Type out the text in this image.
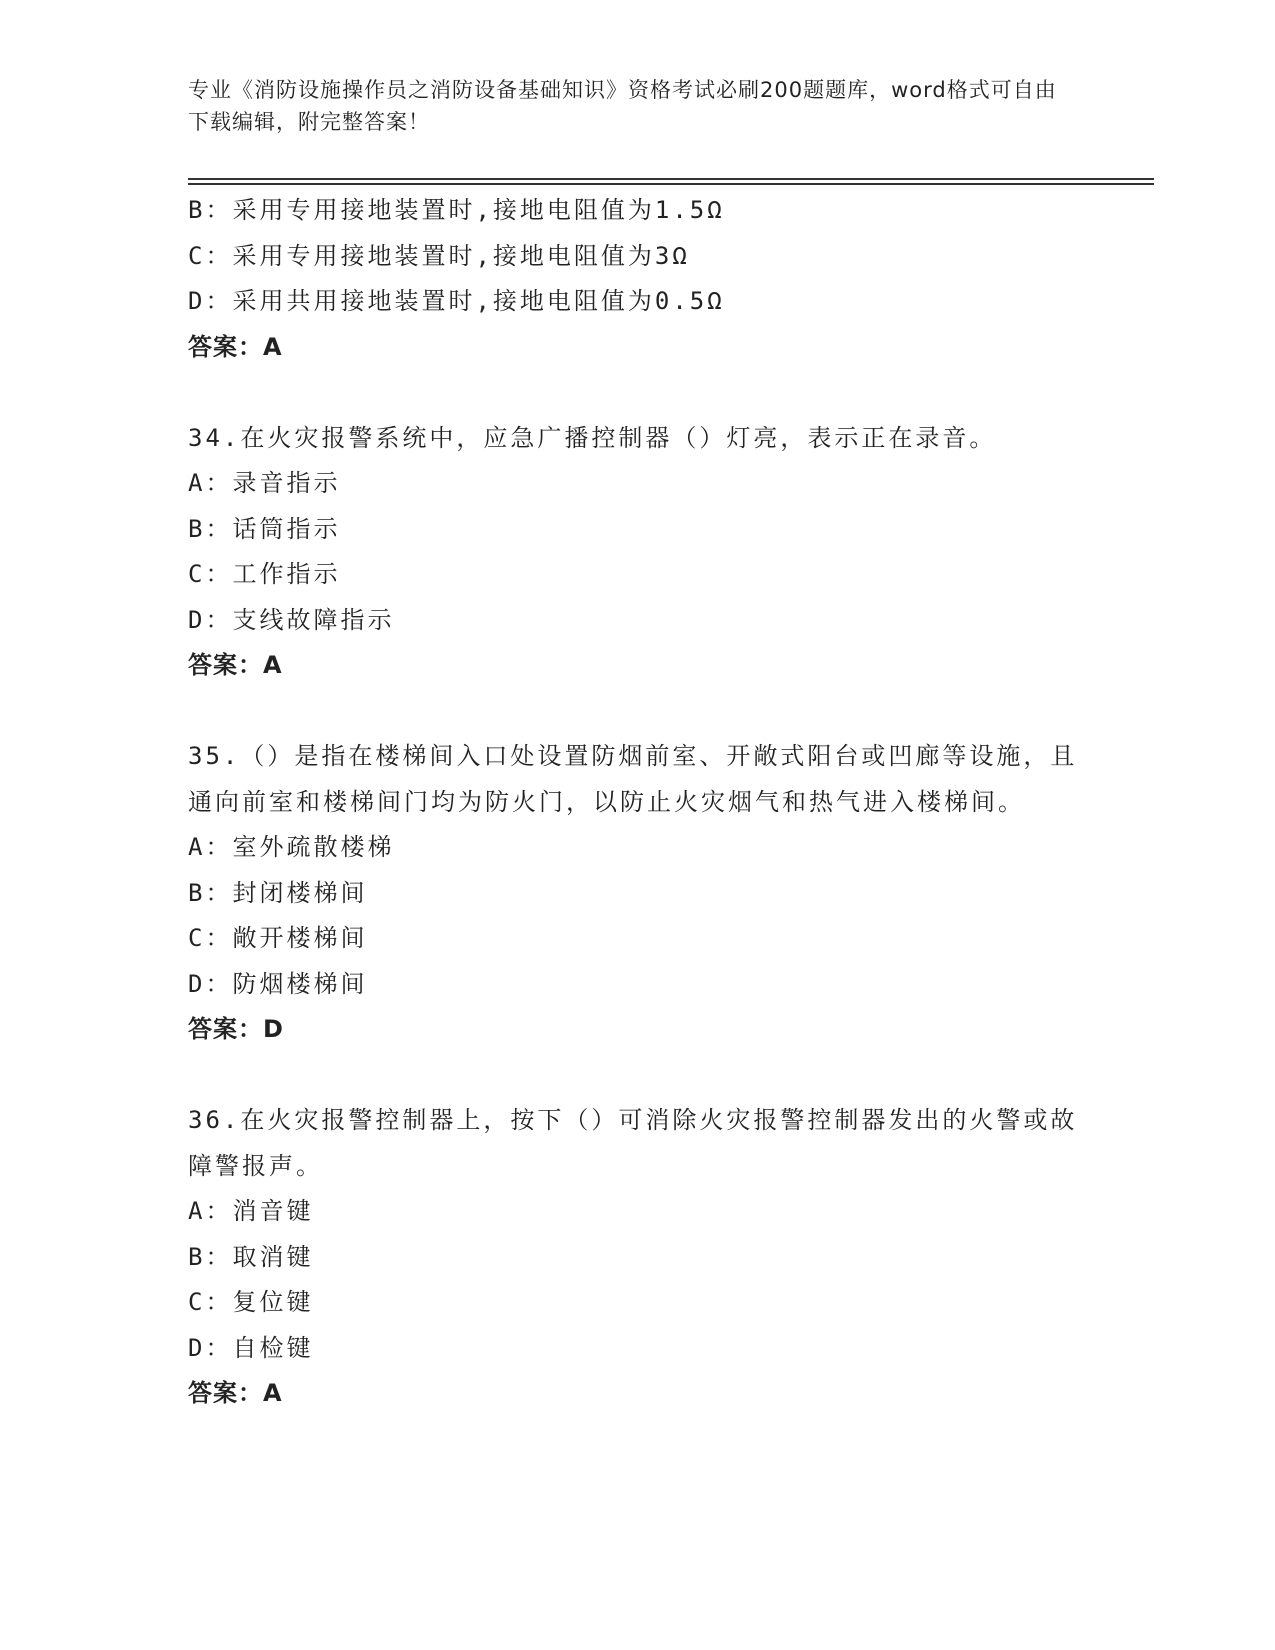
专业《消防设施操作员之消防设备基础知识》资格考试必刷200题题库，word格式可自由下载编辑，附完整答案！
B：采用专用接地装置时,接地电阻值为1.5Ω
C：采用专用接地装置时,接地电阻值为3Ω
D：采用共用接地装置时,接地电阻值为0.5Ω
答案：A
34.在火灾报警系统中，应急广播控制器（）灯亮，表示正在录音。
A：录音指示
B：话筒指示
C：工作指示
D：支线故障指示
答案：A
35.（）是指在楼梯间入口处设置防烟前室、开敞式阳台或凹廊等设施，且通向前室和楼梯间门均为防火门，以防止火灾烟气和热气进入楼梯间。
A：室外疏散楼梯
B：封闭楼梯间
C：敞开楼梯间
D：防烟楼梯间
答案：D
36.在火灾报警控制器上，按下（）可消除火灾报警控制器发出的火警或故障警报声。
A：消音键
B：取消键
C：复位键
D：自检键
答案：A
